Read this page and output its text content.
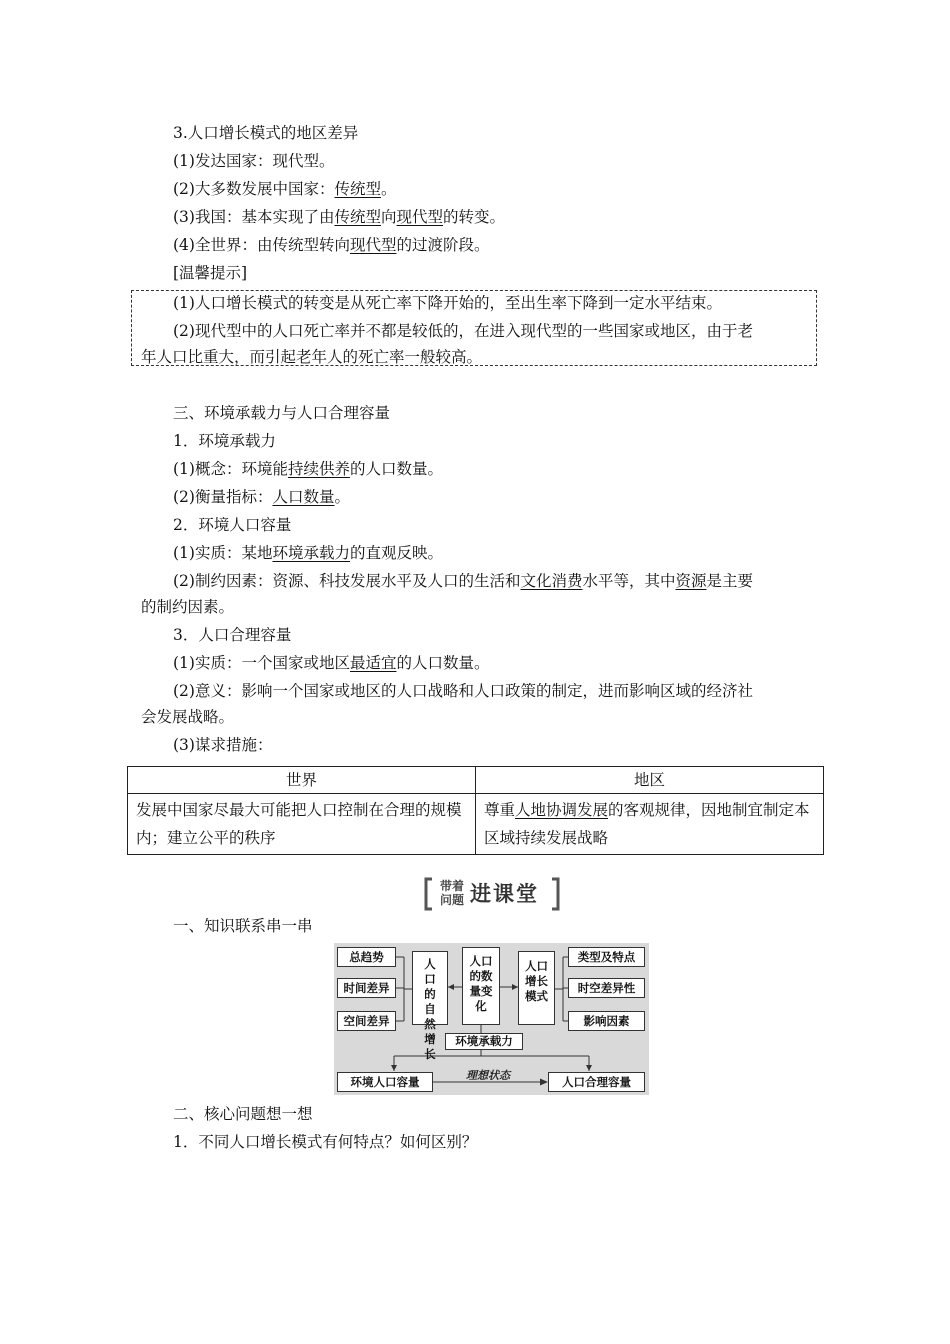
3.人口增长模式的地区差异
(1)发达国家：现代型。
(2)大多数发展中国家：传统型。
(3)我国：基本实现了由传统型向现代型的转变。
(4)全世界：由传统型转向现代型的过渡阶段。
[温馨提示]
(1)人口增长模式的转变是从死亡率下降开始的，至出生率下降到一定水平结束。
(2)现代型中的人口死亡率并不都是较低的，在进入现代型的一些国家或地区，由于老
年人口比重大，而引起老年人的死亡率一般较高。
三、环境承载力与人口合理容量
1．环境承载力
(1)概念：环境能持续供养的人口数量。
(2)衡量指标：人口数量。
2．环境人口容量
(1)实质：某地环境承载力的直观反映。
(2)制约因素：资源、科技发展水平及人口的生活和文化消费水平等，其中资源是主要
的制约因素。
3．人口合理容量
(1)实质：一个国家或地区最适宜的人口数量。
(2)意义：影响一个国家或地区的人口战略和人口政策的制定，进而影响区域的经济社
会发展战略。
(3)谋求措施：
世界	地区
发展中国家尽最大可能把人口控制在合理的规模内；建立公平的秩序	尊重人地协调发展的客观规律，因地制宜制定本区域持续发展战略
带着
问题 进课堂
一、知识联系串一串
总趋势
时间差异
空间差异
人口的自然增长
人口的数量变化
人口增长模式
类型及特点
时空差异性
影响因素
环境承载力
环境人口容量	人口合理容量
理想状态
二、核心问题想一想
1．不同人口增长模式有何特点？如何区别？
